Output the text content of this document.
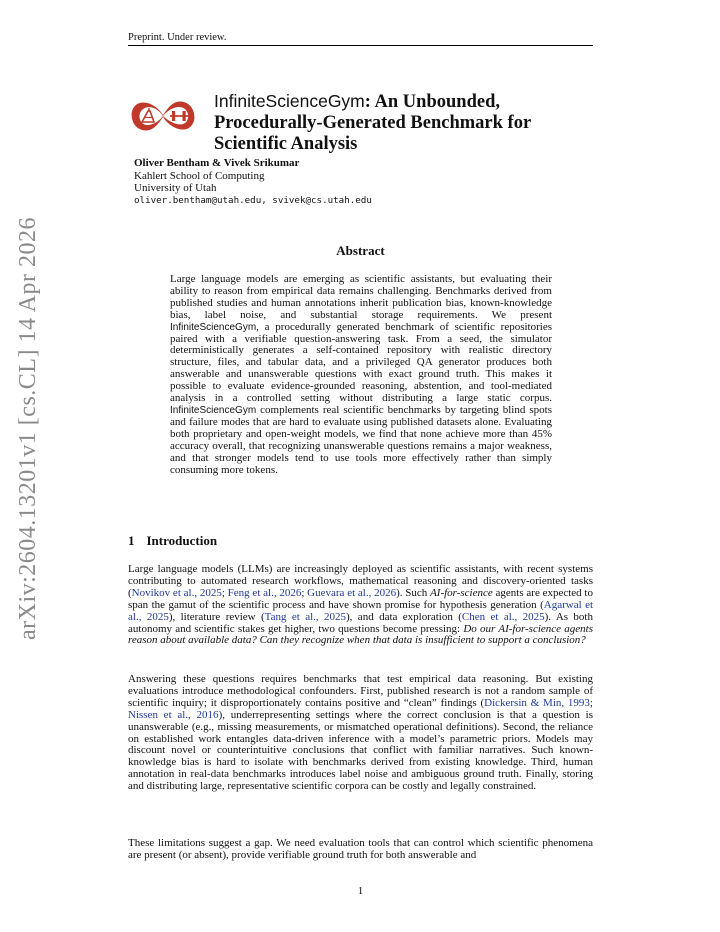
Preprint. Under review.
arXiv:2604.13201v1 [cs.CL] 14 Apr 2026
InfiniteScienceGym: An Unbounded, Procedurally-Generated Benchmark for Scientific Analysis
Oliver Bentham & Vivek Srikumar
Kahlert School of Computing
University of Utah
oliver.bentham@utah.edu, svivek@cs.utah.edu
Abstract
Large language models are emerging as scientific assistants, but evaluating their ability to reason from empirical data remains challenging. Benchmarks derived from published studies and human annotations inherit publication bias, known-knowledge bias, label noise, and substantial storage requirements. We present InfiniteScienceGym, a procedurally generated benchmark of scientific repositories paired with a verifiable question-answering task. From a seed, the simulator deterministically generates a self-contained repository with realistic directory structure, files, and tabular data, and a privileged QA generator produces both answerable and unanswerable questions with exact ground truth. This makes it possible to evaluate evidence-grounded reasoning, abstention, and tool-mediated analysis in a controlled setting without distributing a large static corpus. InfiniteScienceGym complements real scientific benchmarks by targeting blind spots and failure modes that are hard to evaluate using published datasets alone. Evaluating both proprietary and open-weight models, we find that none achieve more than 45% accuracy overall, that recognizing unanswerable questions remains a major weakness, and that stronger models tend to use tools more effectively rather than simply consuming more tokens.
1 Introduction
Large language models (LLMs) are increasingly deployed as scientific assistants, with recent systems contributing to automated research workflows, mathematical reasoning and discovery-oriented tasks (Novikov et al., 2025; Feng et al., 2026; Guevara et al., 2026). Such AI-for-science agents are expected to span the gamut of the scientific process and have shown promise for hypothesis generation (Agarwal et al., 2025), literature review (Tang et al., 2025), and data exploration (Chen et al., 2025). As both autonomy and scientific stakes get higher, two questions become pressing: Do our AI-for-science agents reason about available data? Can they recognize when that data is insufficient to support a conclusion?
Answering these questions requires benchmarks that test empirical data reasoning. But existing evaluations introduce methodological confounders. First, published research is not a random sample of scientific inquiry; it disproportionately contains positive and “clean” findings (Dickersin & Min, 1993; Nissen et al., 2016), underrepresenting settings where the correct conclusion is that a question is unanswerable (e.g., missing measurements, or mismatched operational definitions). Second, the reliance on established work entangles data-driven inference with a model’s parametric priors. Models may discount novel or counterintuitive conclusions that conflict with familiar narratives. Such known-knowledge bias is hard to isolate with benchmarks derived from existing knowledge. Third, human annotation in real-data benchmarks introduces label noise and ambiguous ground truth. Finally, storing and distributing large, representative scientific corpora can be costly and legally constrained.
These limitations suggest a gap. We need evaluation tools that can control which scientific phenomena are present (or absent), provide verifiable ground truth for both answerable and
1
